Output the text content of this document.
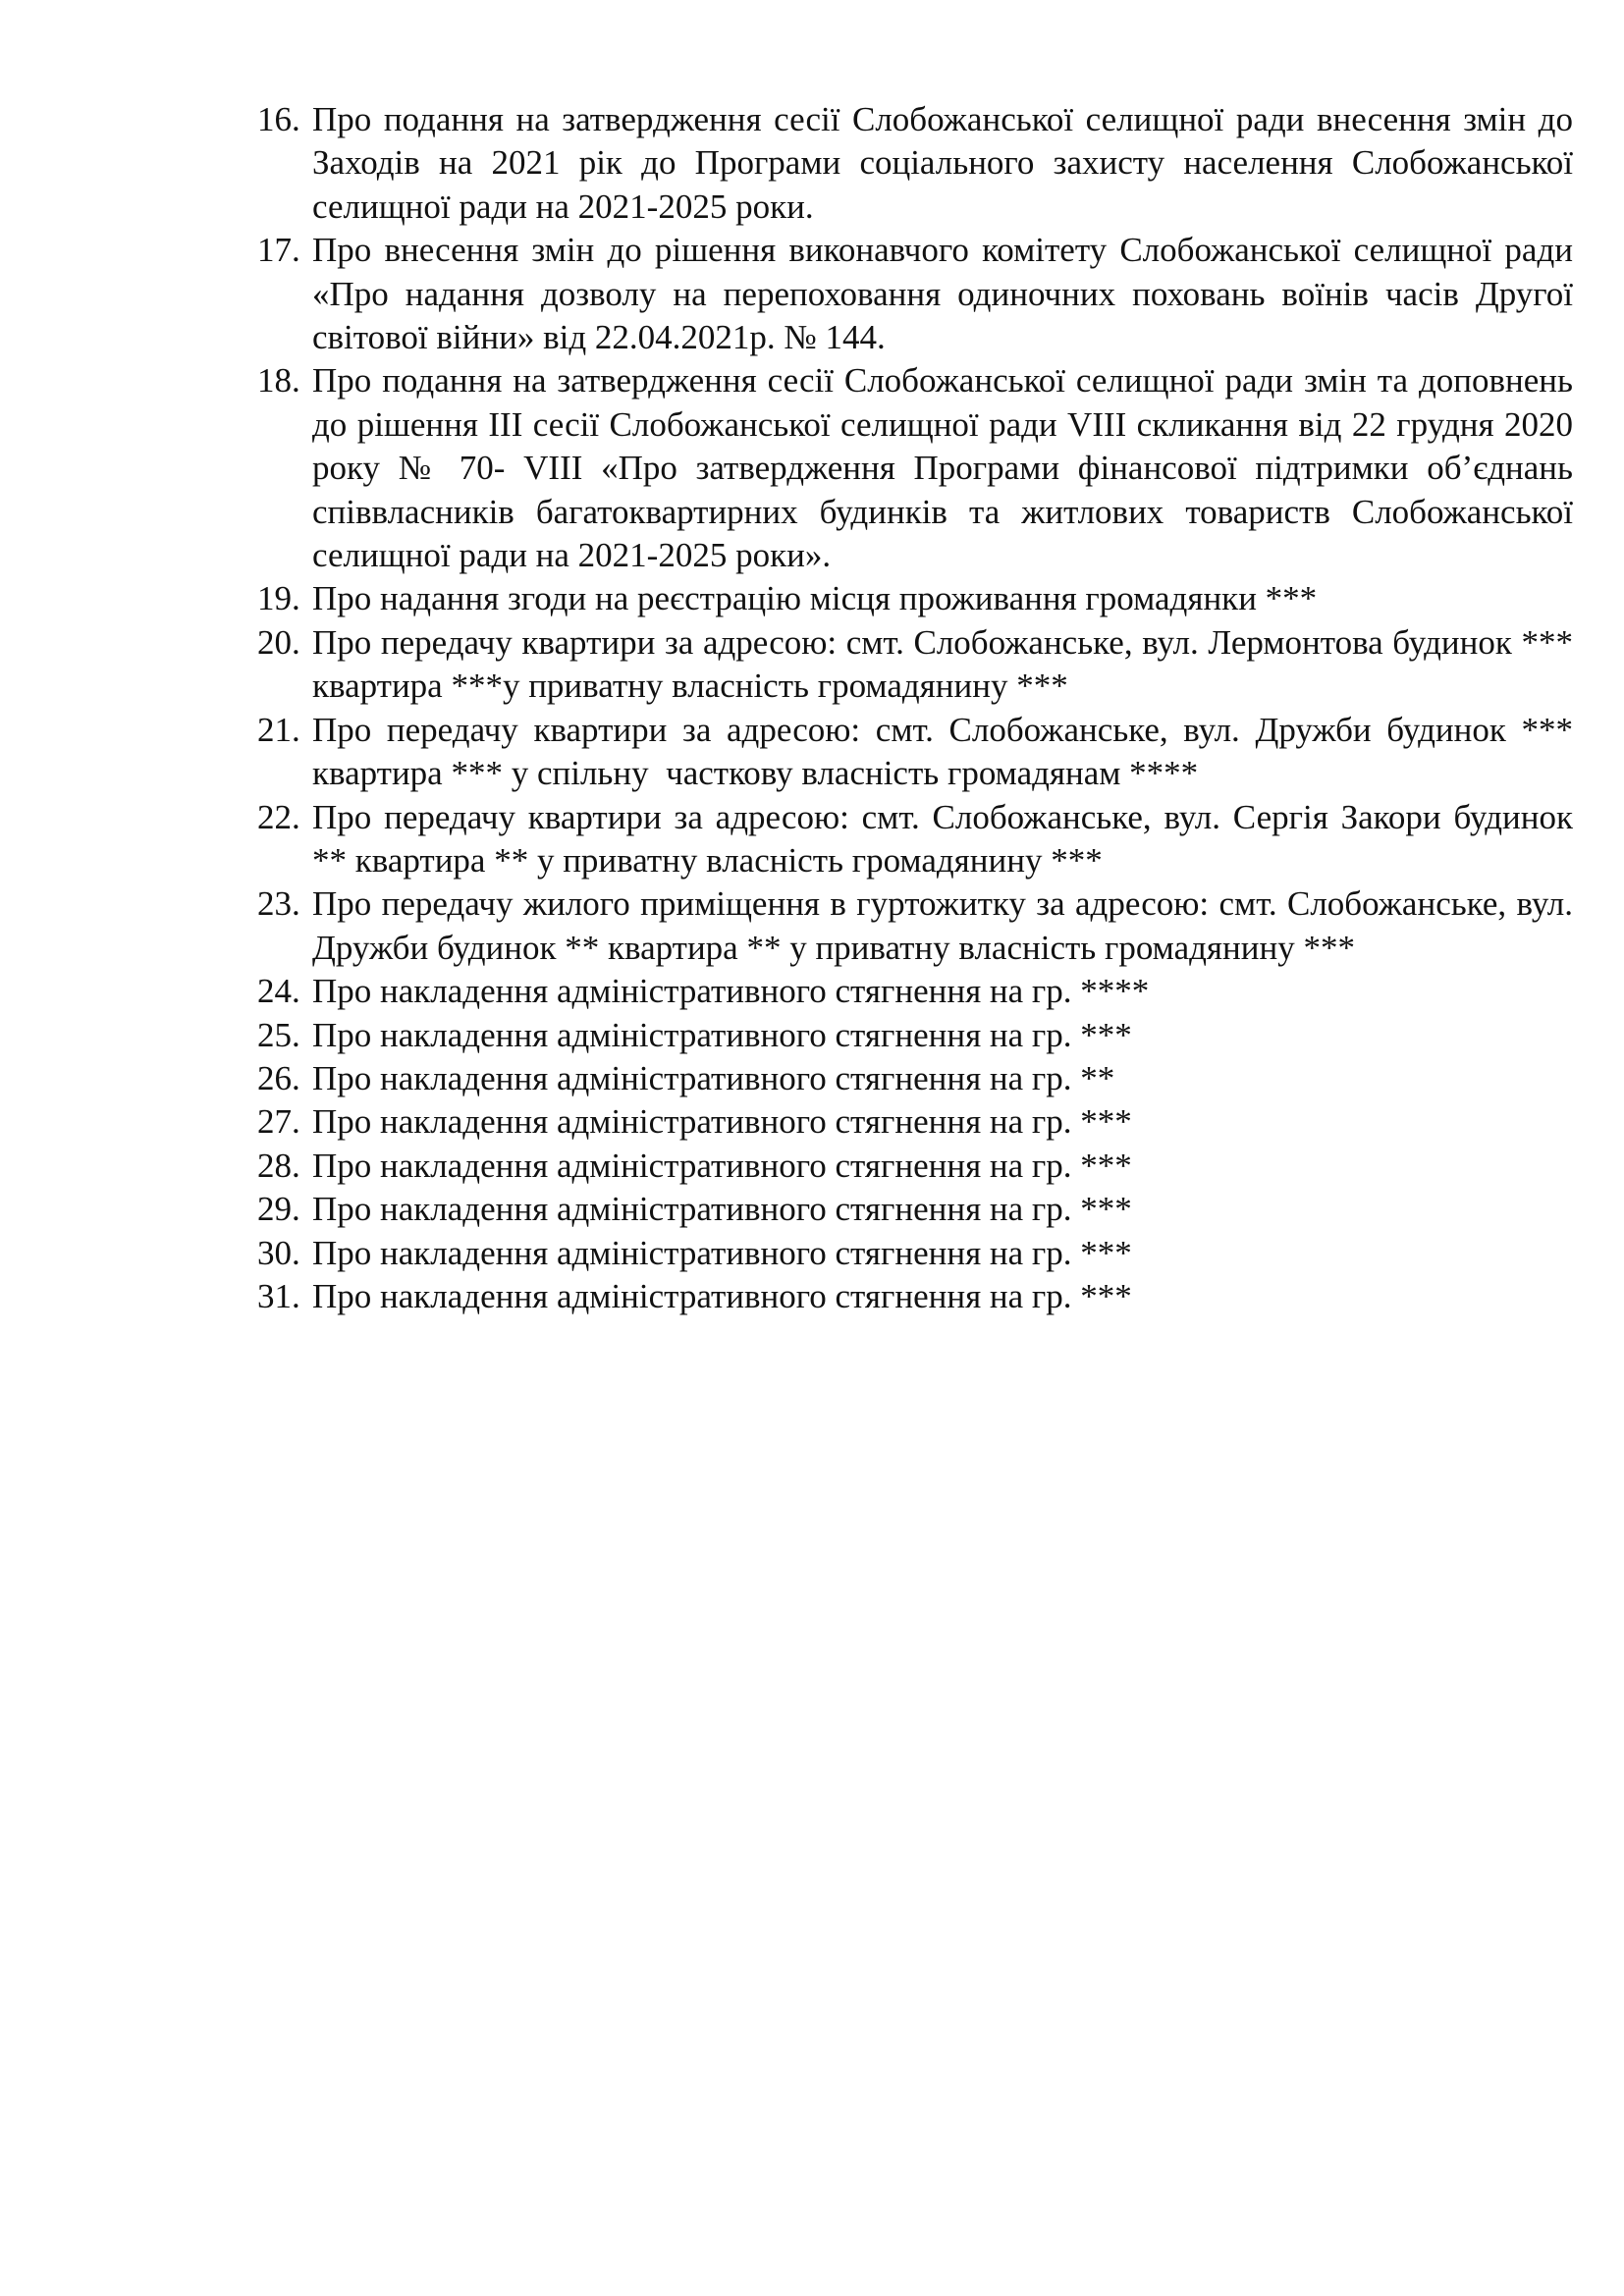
16. Про подання на затвердження сесії Слобожанської селищної ради внесення змін до Заходів на 2021 рік до Програми соціального захисту населення Слобожанської селищної ради на 2021-2025 роки.
17. Про внесення змін до рішення виконавчого комітету Слобожанської селищної ради «Про надання дозволу на перепоховання одиночних поховань воїнів часів Другої світової війни» від 22.04.2021р. № 144.
18. Про подання на затвердження сесії Слобожанської селищної ради змін та доповнень до рішення ІІІ сесії Слобожанської селищної ради VIII скликання від 22 грудня 2020 року № 70- VIII «Про затвердження Програми фінансової підтримки об’єднань співвласників багатоквартирних будинків та житлових товариств Слобожанської селищної ради на 2021-2025 роки».
19. Про надання згоди на реєстрацію місця проживання громадянки ***
20. Про передачу квартири за адресою: смт. Слобожанське, вул. Лермонтова будинок *** квартира ***у приватну власність громадянину ***
21. Про передачу квартири за адресою: смт. Слобожанське, вул. Дружби будинок *** квартира *** у спільну  часткову власність громадянам ****
22. Про передачу квартири за адресою: смт. Слобожанське, вул. Сергія Закори будинок ** квартира ** у приватну власність громадянину ***
23. Про передачу жилого приміщення в гуртожитку за адресою: смт. Слобожанське, вул. Дружби будинок ** квартира ** у приватну власність громадянину ***
24. Про накладення адміністративного стягнення на гр. ****
25. Про накладення адміністративного стягнення на гр. ***
26. Про накладення адміністративного стягнення на гр. **
27. Про накладення адміністративного стягнення на гр. ***
28. Про накладення адміністративного стягнення на гр. ***
29. Про накладення адміністративного стягнення на гр. ***
30. Про накладення адміністративного стягнення на гр. ***
31. Про накладення адміністративного стягнення на гр. ***
